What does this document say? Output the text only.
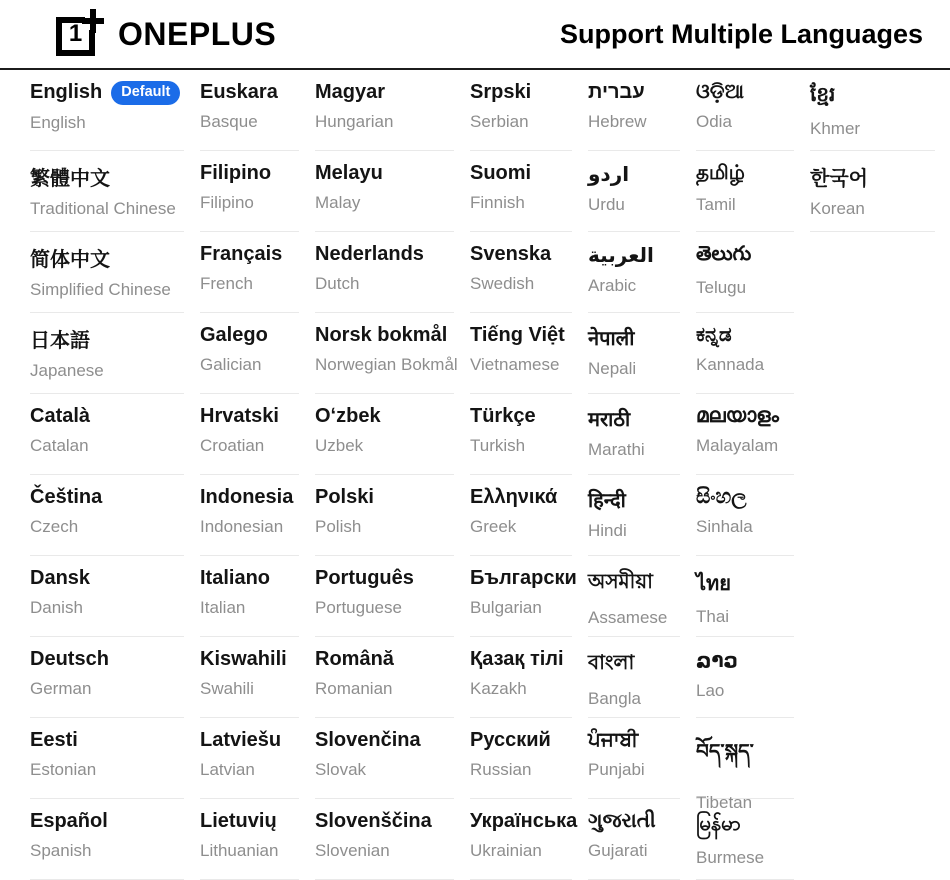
1 ONEPLUS	Support Multiple Languages
English	Default
English
繁體中文
Traditional Chinese
简体中文
Simplified Chinese
日本語
Japanese
Català
Catalan
Čeština
Czech
Dansk
Danish
Deutsch
German
Eesti
Estonian
Español
Spanish
Euskara
Basque
Filipino
Filipino
Français
French
Galego
Galician
Hrvatski
Croatian
Indonesia
Indonesian
Italiano
Italian
Kiswahili
Swahili
Latviešu
Latvian
Lietuvių
Lithuanian
Magyar
Hungarian
Melayu
Malay
Nederlands
Dutch
Norsk bokmål
Norwegian Bokmål
Oʻzbek
Uzbek
Polski
Polish
Português
Portuguese
Română
Romanian
Slovenčina
Slovak
Slovenščina
Slovenian
Srpski
Serbian
Suomi
Finnish
Svenska
Swedish
Tiếng Việt
Vietnamese
Türkçe
Turkish
Ελληνικά
Greek
Български
Bulgarian
Қазақ тілі
Kazakh
Русский
Russian
Українська
Ukrainian
עברית
Hebrew
اردو
Urdu
العربية
Arabic
नेपाली
Nepali
मराठी
Marathi
हिन्दी
Hindi
অসমীয়া
Assamese
বাংলা
Bangla
ਪੰਜਾਬੀ
Punjabi
ગુજરાતી
Gujarati
ଓଡ଼ିଆ
Odia
தமிழ்
Tamil
తెలుగు
Telugu
ಕನ್ನಡ
Kannada
മലയാളം
Malayalam
සිංහල
Sinhala
ไทย
Thai
ລາວ
Lao
བོད་སྐད་
Tibetan
မြန်မာ
Burmese
ខ្មែរ
Khmer
한국어
Korean
